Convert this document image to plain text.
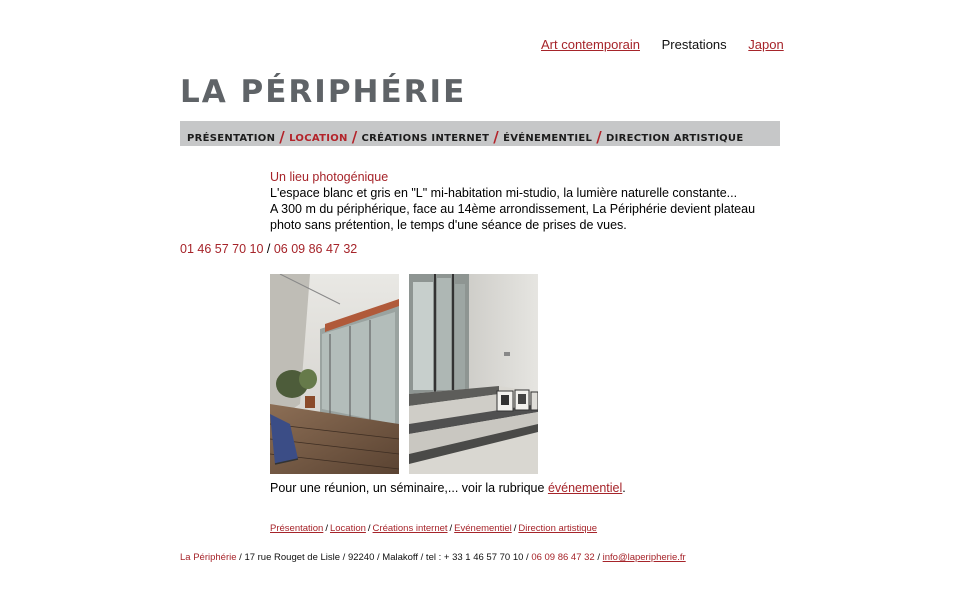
Art contemporain Prestations Japon
LA PÉRIPHÉRIE
PRÉSENTATION / LOCATION / CRÉATIONS INTERNET / ÉVÉNEMENTIEL / DIRECTION ARTISTIQUE
Un lieu photogénique
L'espace blanc et gris en "L" mi-habitation mi-studio, la lumière naturelle constante...
A 300 m du périphérique, face au 14ème arrondissement, La Périphérie devient plateau photo sans prétention, le temps d'une séance de prises de vues.
01 46 57 70 10 / 06 09 86 47 32
Pour une réunion, un séminaire,... voir la rubrique événementiel.
Présentation / Location / Créations internet / Evénementiel / Direction artistique
La Périphérie / 17 rue Rouget de Lisle / 92240 / Malakoff / tel : + 33 1 46 57 70 10 / 06 09 86 47 32 / info@laperipherie.fr
